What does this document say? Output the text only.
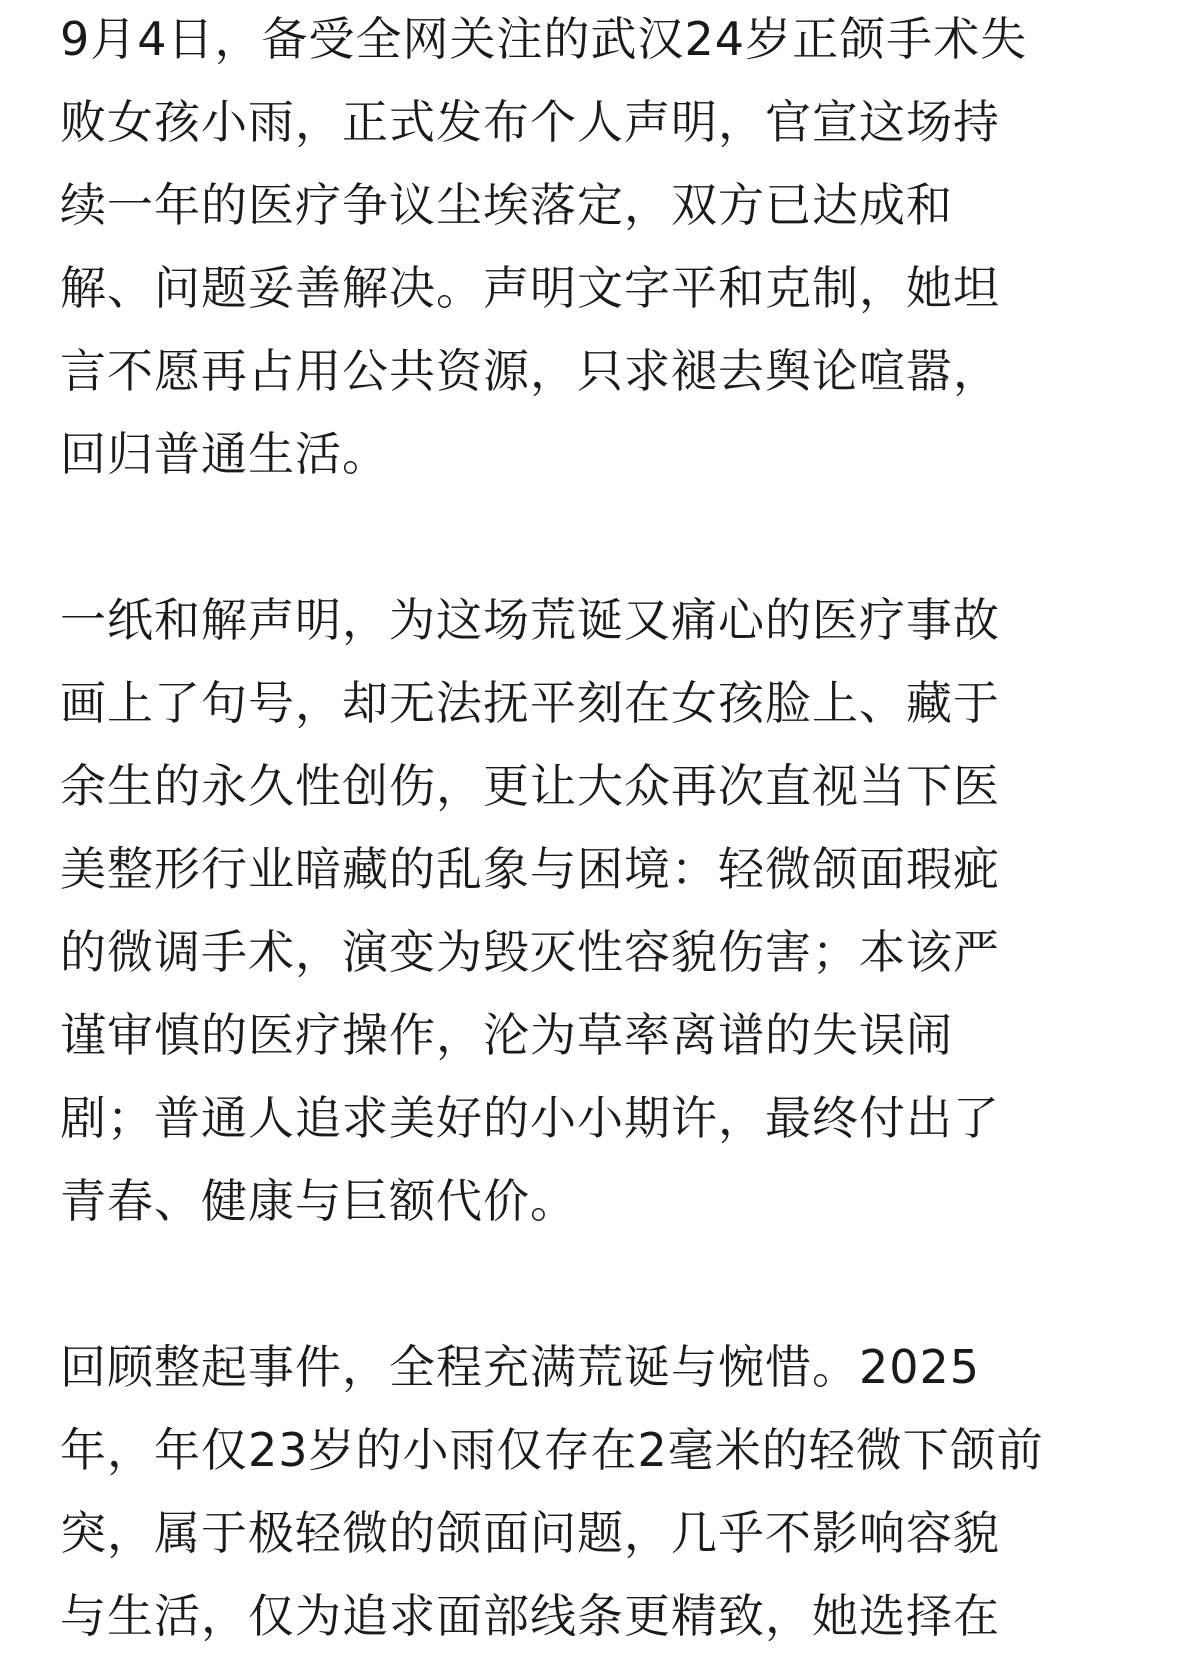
9月4日，备受全网关注的武汉24岁正颌手术失
败女孩小雨，正式发布个人声明，官宣这场持
续一年的医疗争议尘埃落定，双方已达成和
解、问题妥善解决。声明文字平和克制，她坦
言不愿再占用公共资源，只求褪去舆论喧嚣，
回归普通生活。
一纸和解声明，为这场荒诞又痛心的医疗事故
画上了句号，却无法抚平刻在女孩脸上、藏于
余生的永久性创伤，更让大众再次直视当下医
美整形行业暗藏的乱象与困境：轻微颌面瑕疵
的微调手术，演变为毁灭性容貌伤害；本该严
谨审慎的医疗操作，沦为草率离谱的失误闹
剧；普通人追求美好的小小期许，最终付出了
青春、健康与巨额代价。
回顾整起事件，全程充满荒诞与惋惜。2025
年，年仅23岁的小雨仅存在2毫米的轻微下颌前
突，属于极轻微的颌面问题，几乎不影响容貌
与生活，仅为追求面部线条更精致，她选择在
